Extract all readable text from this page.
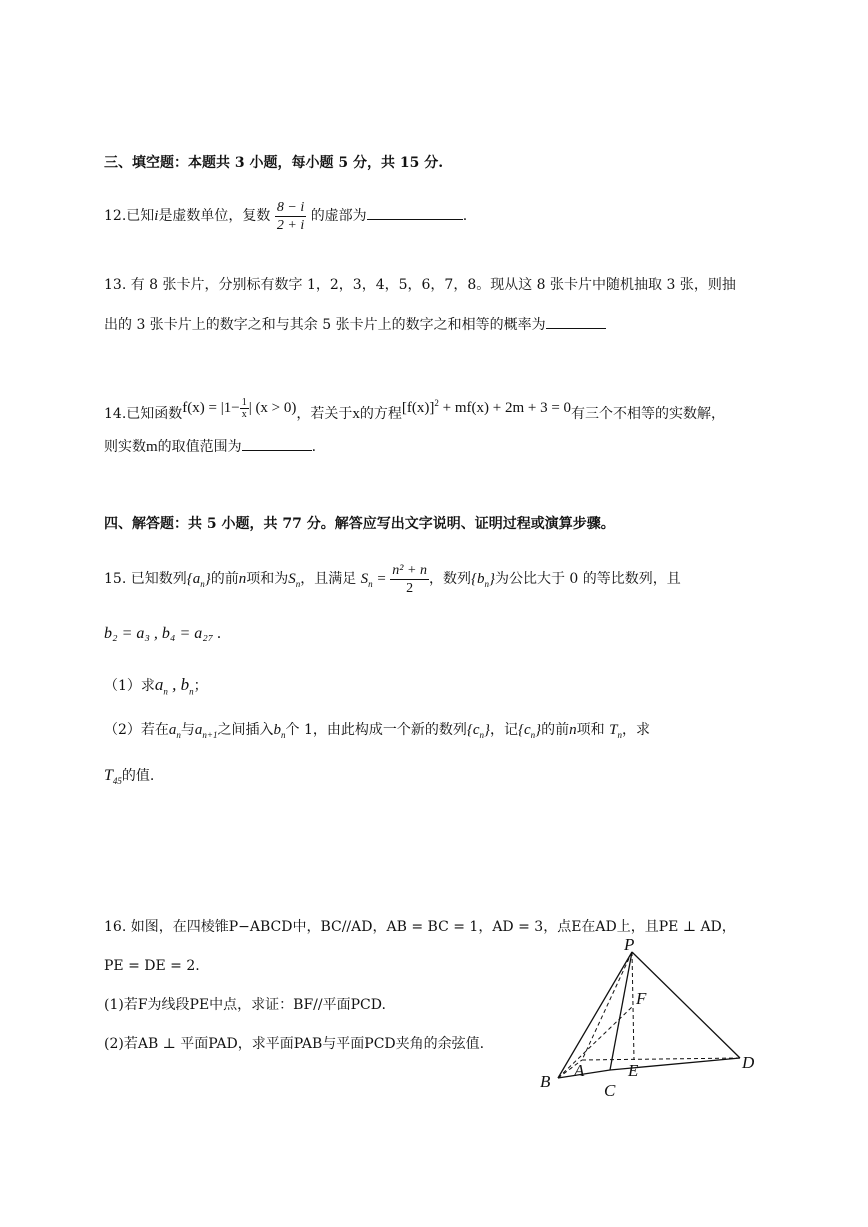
三、填空题：本题共 3 小题，每小题 5 分，共 15 分.
12.已知i是虚数单位，复数 $\frac{8 - i}{2 + i}$ 的虚部为	.
13. 有 8 张卡片，分别标有数字 1，2，3，4，5，6，7，8。现从这 8 张卡片中随机抽取 3 张，则抽
出的 3 张卡片上的数字之和与其余 5 张卡片上的数字之和相等的概率为
14.已知函数$f(x) = |1- \frac{1}{x}$ | (x > 0)，若关于x的方程$[f(x)]^2 + mf(x) + 2m + 3 = 0$有三个不相等的实数解，
则实数m的取值范围为	.
四、解答题：共 5 小题，共 77 分。解答应写出文字说明、证明过程或演算步骤。
15. 已知数列$\{a_n\}$的前n项和为$S_n$，且满足 $S_n = \frac{\text{n² + n}}{2}$ ，数列$\{b_n\}$为公比大于 0 的等比数列，且
b₂ = a₃ , b₄ = a₂₇ .
（1）求$a_n$ , $b_n$；
（2）若在$a_n$与$a_{n+1}$之间插入$b_n$个 1，由此构成一个新的数列$\{c_n\}$，记$\{c_n\}$的前n项和 $T_n$，求
$T_{45}$的值.
16. 如图，在四棱锥P−ABCD中，BC//AD，AB = BC = 1，AD = 3，点E在AD上，且PE ⊥ AD，
PE = DE = 2.
(1)若F为线段PE中点，求证：BF//平面PCD.
(2)若AB ⊥ 平面PAD，求平面PAB与平面PCD夹角的余弦值.
P
F
B
A	E
C
D
